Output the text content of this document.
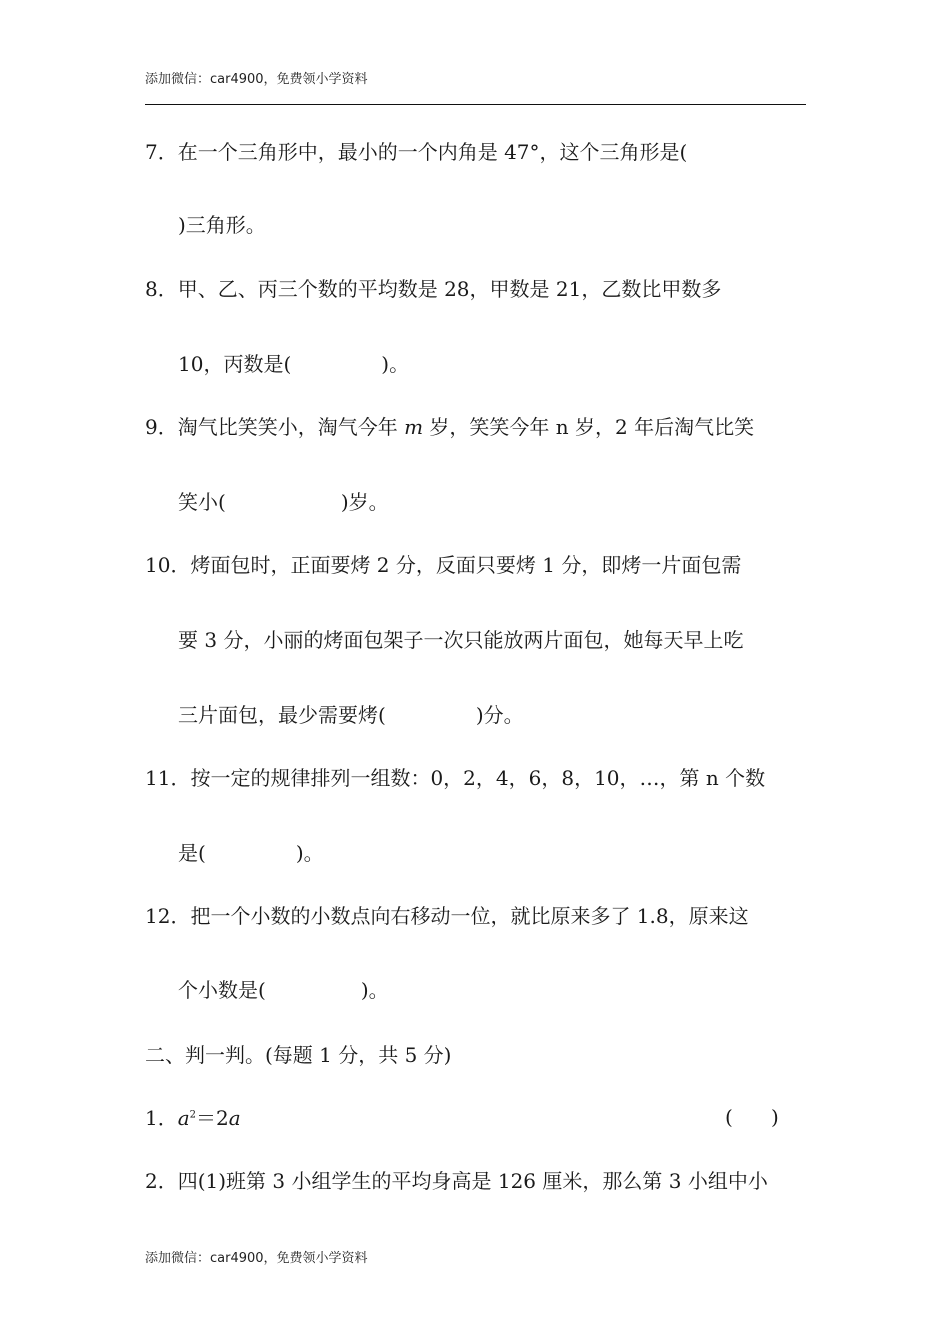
添加微信：car4900，免费领小学资料
7．在一个三角形中，最小的一个内角是 47°，这个三角形是(
)三角形。
8．甲、乙、丙三个数的平均数是 28，甲数是 21，乙数比甲数多
10，丙数是(	)。
9．淘气比笑笑小，淘气今年 m 岁，笑笑今年 n 岁，2 年后淘气比笑
笑小(	)岁。
10．烤面包时，正面要烤 2 分，反面只要烤 1 分，即烤一片面包需
要 3 分，小丽的烤面包架子一次只能放两片面包，她每天早上吃
三片面包，最少需要烤(	)分。
11．按一定的规律排列一组数：0，2，4，6，8，10，…，第 n 个数
是(	)。
12．把一个小数的小数点向右移动一位，就比原来多了 1.8，原来这
个小数是(	)。
二、判一判。(每题 1 分，共 5 分)
1．$a^2=2a$	(      )
2．四(1)班第 3 小组学生的平均身高是 126 厘米，那么第 3 小组中小
添加微信：car4900，免费领小学资料
